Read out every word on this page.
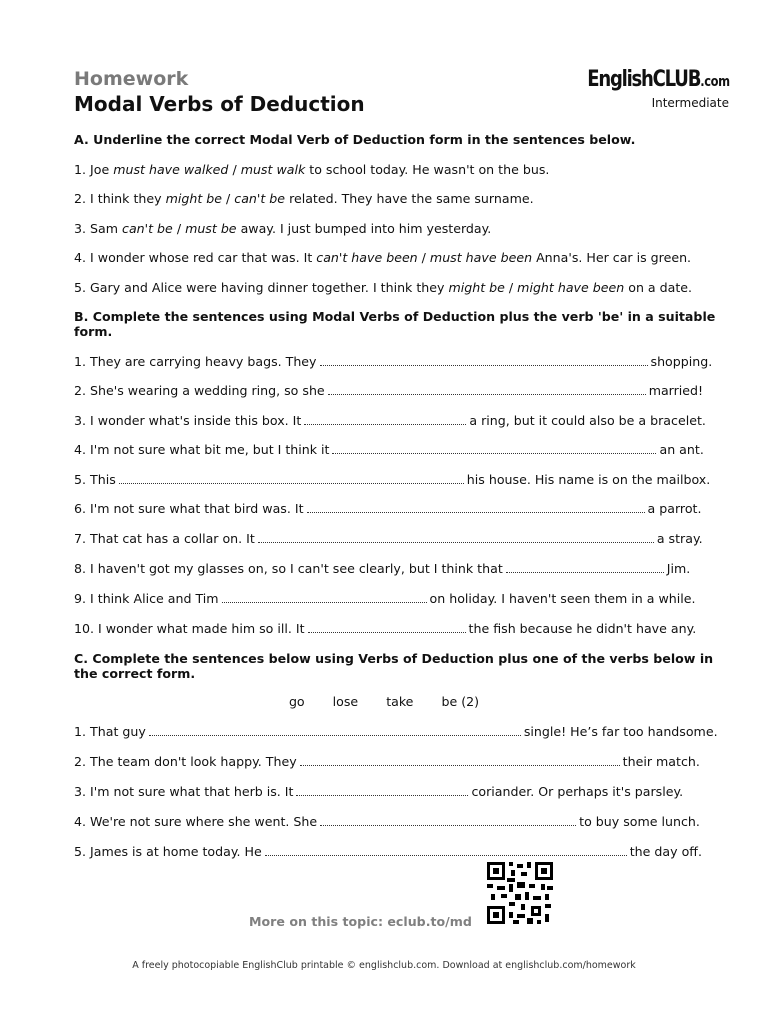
Homework
Modal Verbs of Deduction
EnglishCLUB.com
Intermediate
A. Underline the correct Modal Verb of Deduction form in the sentences below.
1. Joe must have walked / must walk to school today. He wasn't on the bus.
2. I think they might be / can't be related. They have the same surname.
3. Sam can't be / must be away. I just bumped into him yesterday.
4. I wonder whose red car that was. It can't have been / must have been Anna's. Her car is green.
5. Gary and Alice were having dinner together. I think they might be / might have been on a date.
B. Complete the sentences using Modal Verbs of Deduction plus the verb 'be' in a suitable form.
1. They are carrying heavy bags. They	shopping.
2. She's wearing a wedding ring, so she	married!
3. I wonder what's inside this box. It	a ring, but it could also be a bracelet.
4. I'm not sure what bit me, but I think it	an ant.
5. This	his house. His name is on the mailbox.
6. I'm not sure what that bird was. It	a parrot.
7. That cat has a collar on. It	a stray.
8. I haven't got my glasses on, so I can't see clearly, but I think that	Jim.
9. I think Alice and Tim	on holiday. I haven't seen them in a while.
10. I wonder what made him so ill. It	the fish because he didn't have any.
C. Complete the sentences below using Verbs of Deduction plus one of the verbs below in the correct form.
go lose take be (2)
1. That guy	single! He’s far too handsome.
2. The team don't look happy. They	their match.
3. I'm not sure what that herb is. It	coriander. Or perhaps it's parsley.
4. We're not sure where she went. She	to buy some lunch.
5. James is at home today. He	the day off.
More on this topic: eclub.to/md
A freely photocopiable EnglishClub printable © englishclub.com. Download at englishclub.com/homework
